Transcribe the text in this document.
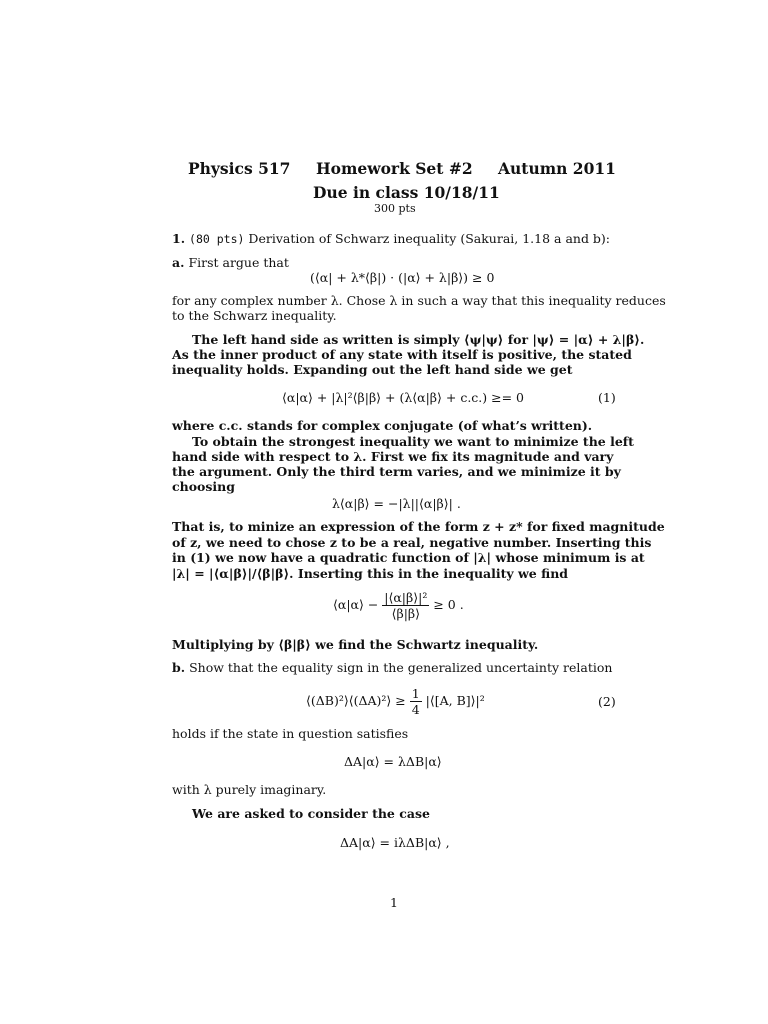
Physics 517 Homework Set #2 Autumn 2011
Due in class 10/18/11
300 pts
1. (80 pts) Derivation of Schwarz inequality (Sakurai, 1.18 a and b):
a. First argue that
(⟨α| + λ*⟨β|) · (|α⟩ + λ|β⟩) ≥ 0
for any complex number λ. Chose λ in such a way that this inequality reduces
to the Schwarz inequality.
The left hand side as written is simply ⟨ψ|ψ⟩ for |ψ⟩ = |α⟩ + λ|β⟩.
As the inner product of any state with itself is positive, the stated
inequality holds. Expanding out the left hand side we get
⟨α|α⟩ + |λ|²⟨β|β⟩ + (λ⟨α|β⟩ + c.c.) ≥= 0	(1)
where c.c. stands for complex conjugate (of what’s written).
To obtain the strongest inequality we want to minimize the left
hand side with respect to λ. First we fix its magnitude and vary
the argument. Only the third term varies, and we minimize it by
choosing
λ⟨α|β⟩ = −|λ||⟨α|β⟩| .
That is, to minize an expression of the form z + z* for fixed magnitude
of z, we need to chose z to be a real, negative number. Inserting this
in (1) we now have a quadratic function of |λ| whose minimum is at
|λ| = |⟨α|β⟩|/⟨β|β⟩. Inserting this in the inequality we find
⟨α|α⟩ − $\frac{\text{|⟨α|β⟩|²}}{⟨\beta|\beta⟩} \ge 0$ .
Multiplying by ⟨β|β⟩ we find the Schwartz inequality.
b. Show that the equality sign in the generalized uncertainty relation
⟨(ΔB)²⟩⟨(ΔA)²⟩ ≥ $\frac{1}{4}$ |⟨[A, B]⟩|²	(2)
holds if the state in question satisfies
ΔA|α⟩ = λΔB|α⟩
with λ purely imaginary.
We are asked to consider the case
ΔA|α⟩ = iλΔB|α⟩ ,
1
